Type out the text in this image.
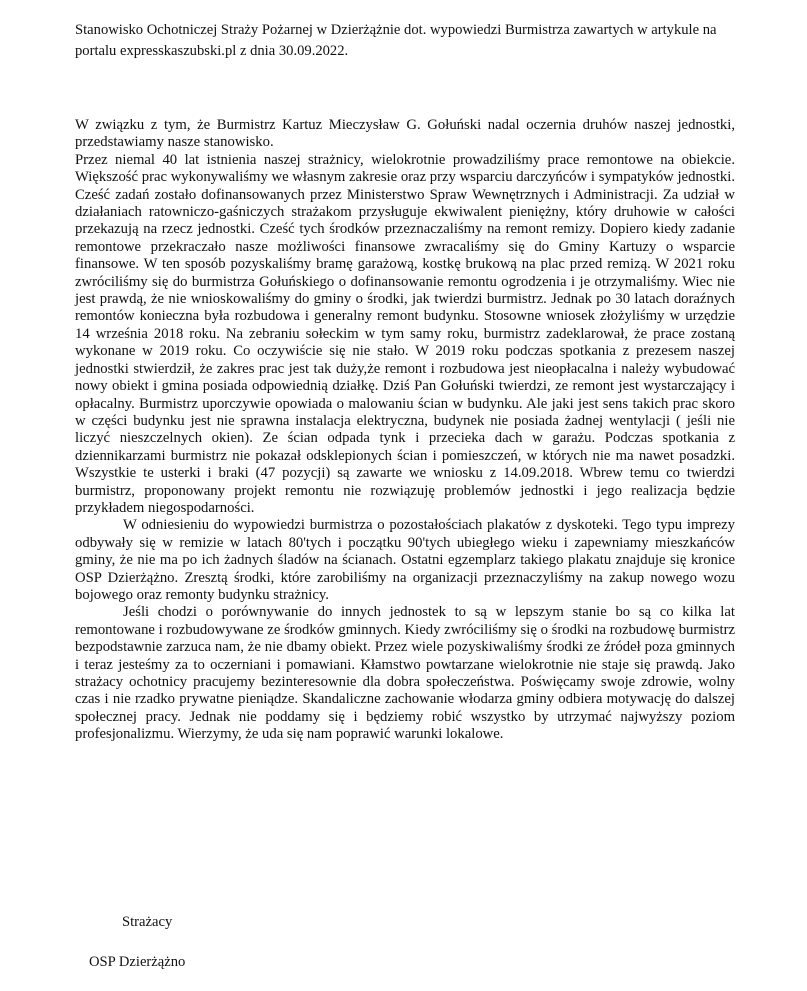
Stanowisko Ochotniczej Straży Pożarnej w Dzierżążnie dot. wypowiedzi Burmistrza zawartych w artykule na portalu expresskaszubski.pl z dnia 30.09.2022.

W związku z tym, że Burmistrz Kartuz Mieczysław G. Gołuński nadal oczernia druhów naszej jednostki, przedstawiamy nasze stanowisko.

Przez niemal 40 lat istnienia naszej strażnicy, wielokrotnie prowadziliśmy prace remontowe na obiekcie. Większość prac wykonywaliśmy we własnym zakresie oraz przy wsparciu darczyńców i sympatyków jednostki. Cześć zadań zostało dofinansowanych przez Ministerstwo Spraw Wewnętrznych i Administracji. Za udział w działaniach ratowniczo-gaśniczych strażakom przysługuje ekwiwalent pieniężny, który druhowie w całości przekazują na rzecz jednostki. Cześć tych środków przeznaczaliśmy na remont remizy. Dopiero kiedy zadanie remontowe przekraczało nasze możliwości finansowe zwracaliśmy się do Gminy Kartuzy o wsparcie finansowe. W ten sposób pozyskaliśmy bramę garażową, kostkę brukową na plac przed remizą. W 2021 roku zwróciliśmy się do burmistrza Gołuńskiego o dofinansowanie remontu ogrodzenia i je otrzymaliśmy. Wiec nie jest prawdą, że nie wnioskowaliśmy do gminy o środki, jak twierdzi burmistrz. Jednak po 30 latach doraźnych remontów konieczna była rozbudowa i generalny remont budynku. Stosowne wniosek złożyliśmy w urzędzie 14 września 2018 roku. Na zebraniu sołeckim w tym samy roku, burmistrz zadeklarował, że prace zostaną wykonane w 2019 roku. Co oczywiście się nie stało. W 2019 roku podczas spotkania z prezesem naszej jednostki stwierdził, że zakres prac jest tak duży,że remont i rozbudowa jest nieopłacalna i należy wybudować nowy obiekt i gmina posiada odpowiednią działkę. Dziś Pan Gołuński twierdzi, ze remont jest wystarczający i opłacalny. Burmistrz uporczywie opowiada o malowaniu ścian w budynku. Ale jaki jest sens takich prac skoro w części budynku jest nie sprawna instalacja elektryczna, budynek nie posiada żadnej wentylacji ( jeśli nie liczyć nieszczelnych okien). Ze ścian odpada tynk i przecieka dach w garażu. Podczas spotkania z dziennikarzami burmistrz nie pokazał odsklepionych ścian i pomieszczeń, w których nie ma nawet posadzki. Wszystkie te usterki i braki (47 pozycji) są zawarte we wniosku z 14.09.2018. Wbrew temu co twierdzi burmistrz, proponowany projekt remontu nie rozwiązuję problemów jednostki i jego realizacja będzie przykładem niegospodarności.

W odniesieniu do wypowiedzi burmistrza o pozostałościach plakatów z dyskoteki. Tego typu imprezy odbywały się w remizie w latach 80'tych i początku 90'tych ubiegłego wieku i zapewniamy mieszkańców gminy, że nie ma po ich żadnych śladów na ścianach. Ostatni egzemplarz takiego plakatu znajduje się kronice OSP Dzierżążno. Zresztą środki, które zarobiliśmy na organizacji przeznaczyliśmy na zakup nowego wozu bojowego oraz remonty budynku strażnicy.

Jeśli chodzi o porównywanie do innych jednostek to są w lepszym stanie bo są co kilka lat remontowane i rozbudowywane ze środków gminnych. Kiedy zwróciliśmy się o środki na rozbudowę burmistrz bezpodstawnie zarzuca nam, że nie dbamy obiekt. Przez wiele pozyskiwaliśmy środki ze źródeł poza gminnych i teraz jesteśmy za to oczerniani i pomawiani. Kłamstwo powtarzane wielokrotnie nie staje się prawdą. Jako strażacy ochotnicy pracujemy bezinteresownie dla dobra społeczeństwa. Poświęcamy swoje zdrowie, wolny czas i nie rzadko prywatne pieniądze. Skandaliczne zachowanie włodarza gminy odbiera motywację do dalszej społecznej pracy. Jednak nie poddamy się i będziemy robić wszystko by utrzymać najwyższy poziom profesjonalizmu. Wierzymy, że uda się nam poprawić warunki lokalowe.

Strażacy

OSP Dzierżążno
